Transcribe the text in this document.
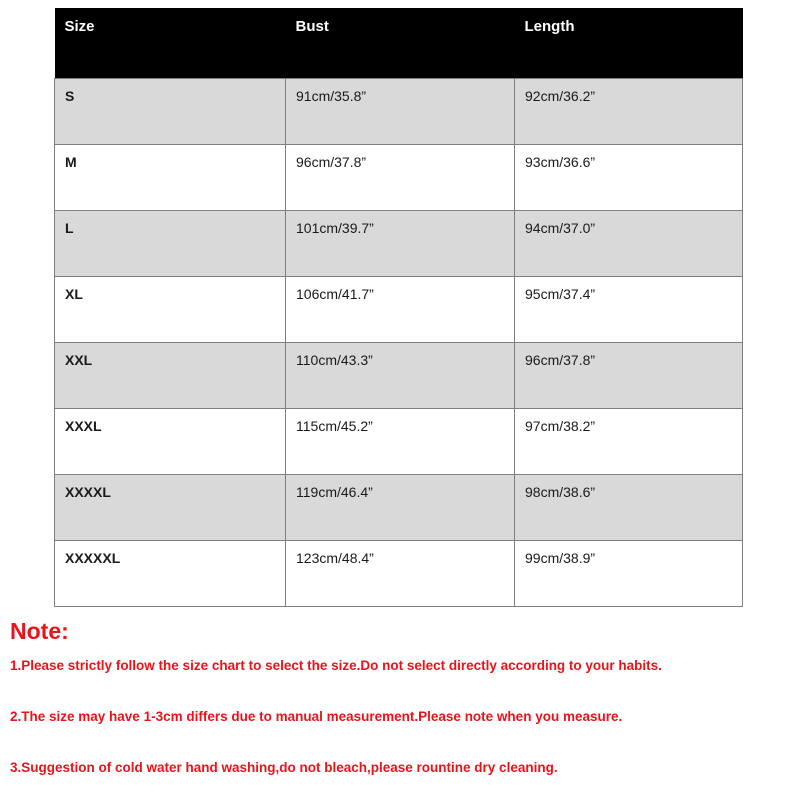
Size	Bust	Length
S	91cm/35.8”	92cm/36.2”
M	96cm/37.8”	93cm/36.6”
L	101cm/39.7”	94cm/37.0”
XL	106cm/41.7”	95cm/37.4”
XXL	110cm/43.3”	96cm/37.8”
XXXL	115cm/45.2”	97cm/38.2”
XXXXL	119cm/46.4”	98cm/38.6”
XXXXXL	123cm/48.4”	99cm/38.9”

Note:

1.Please strictly follow the size chart to select the size.Do not select directly according to your habits.

2.The size may have 1-3cm differs due to manual measurement.Please note when you measure.

3.Suggestion of cold water hand washing,do not bleach,please rountine dry cleaning.
